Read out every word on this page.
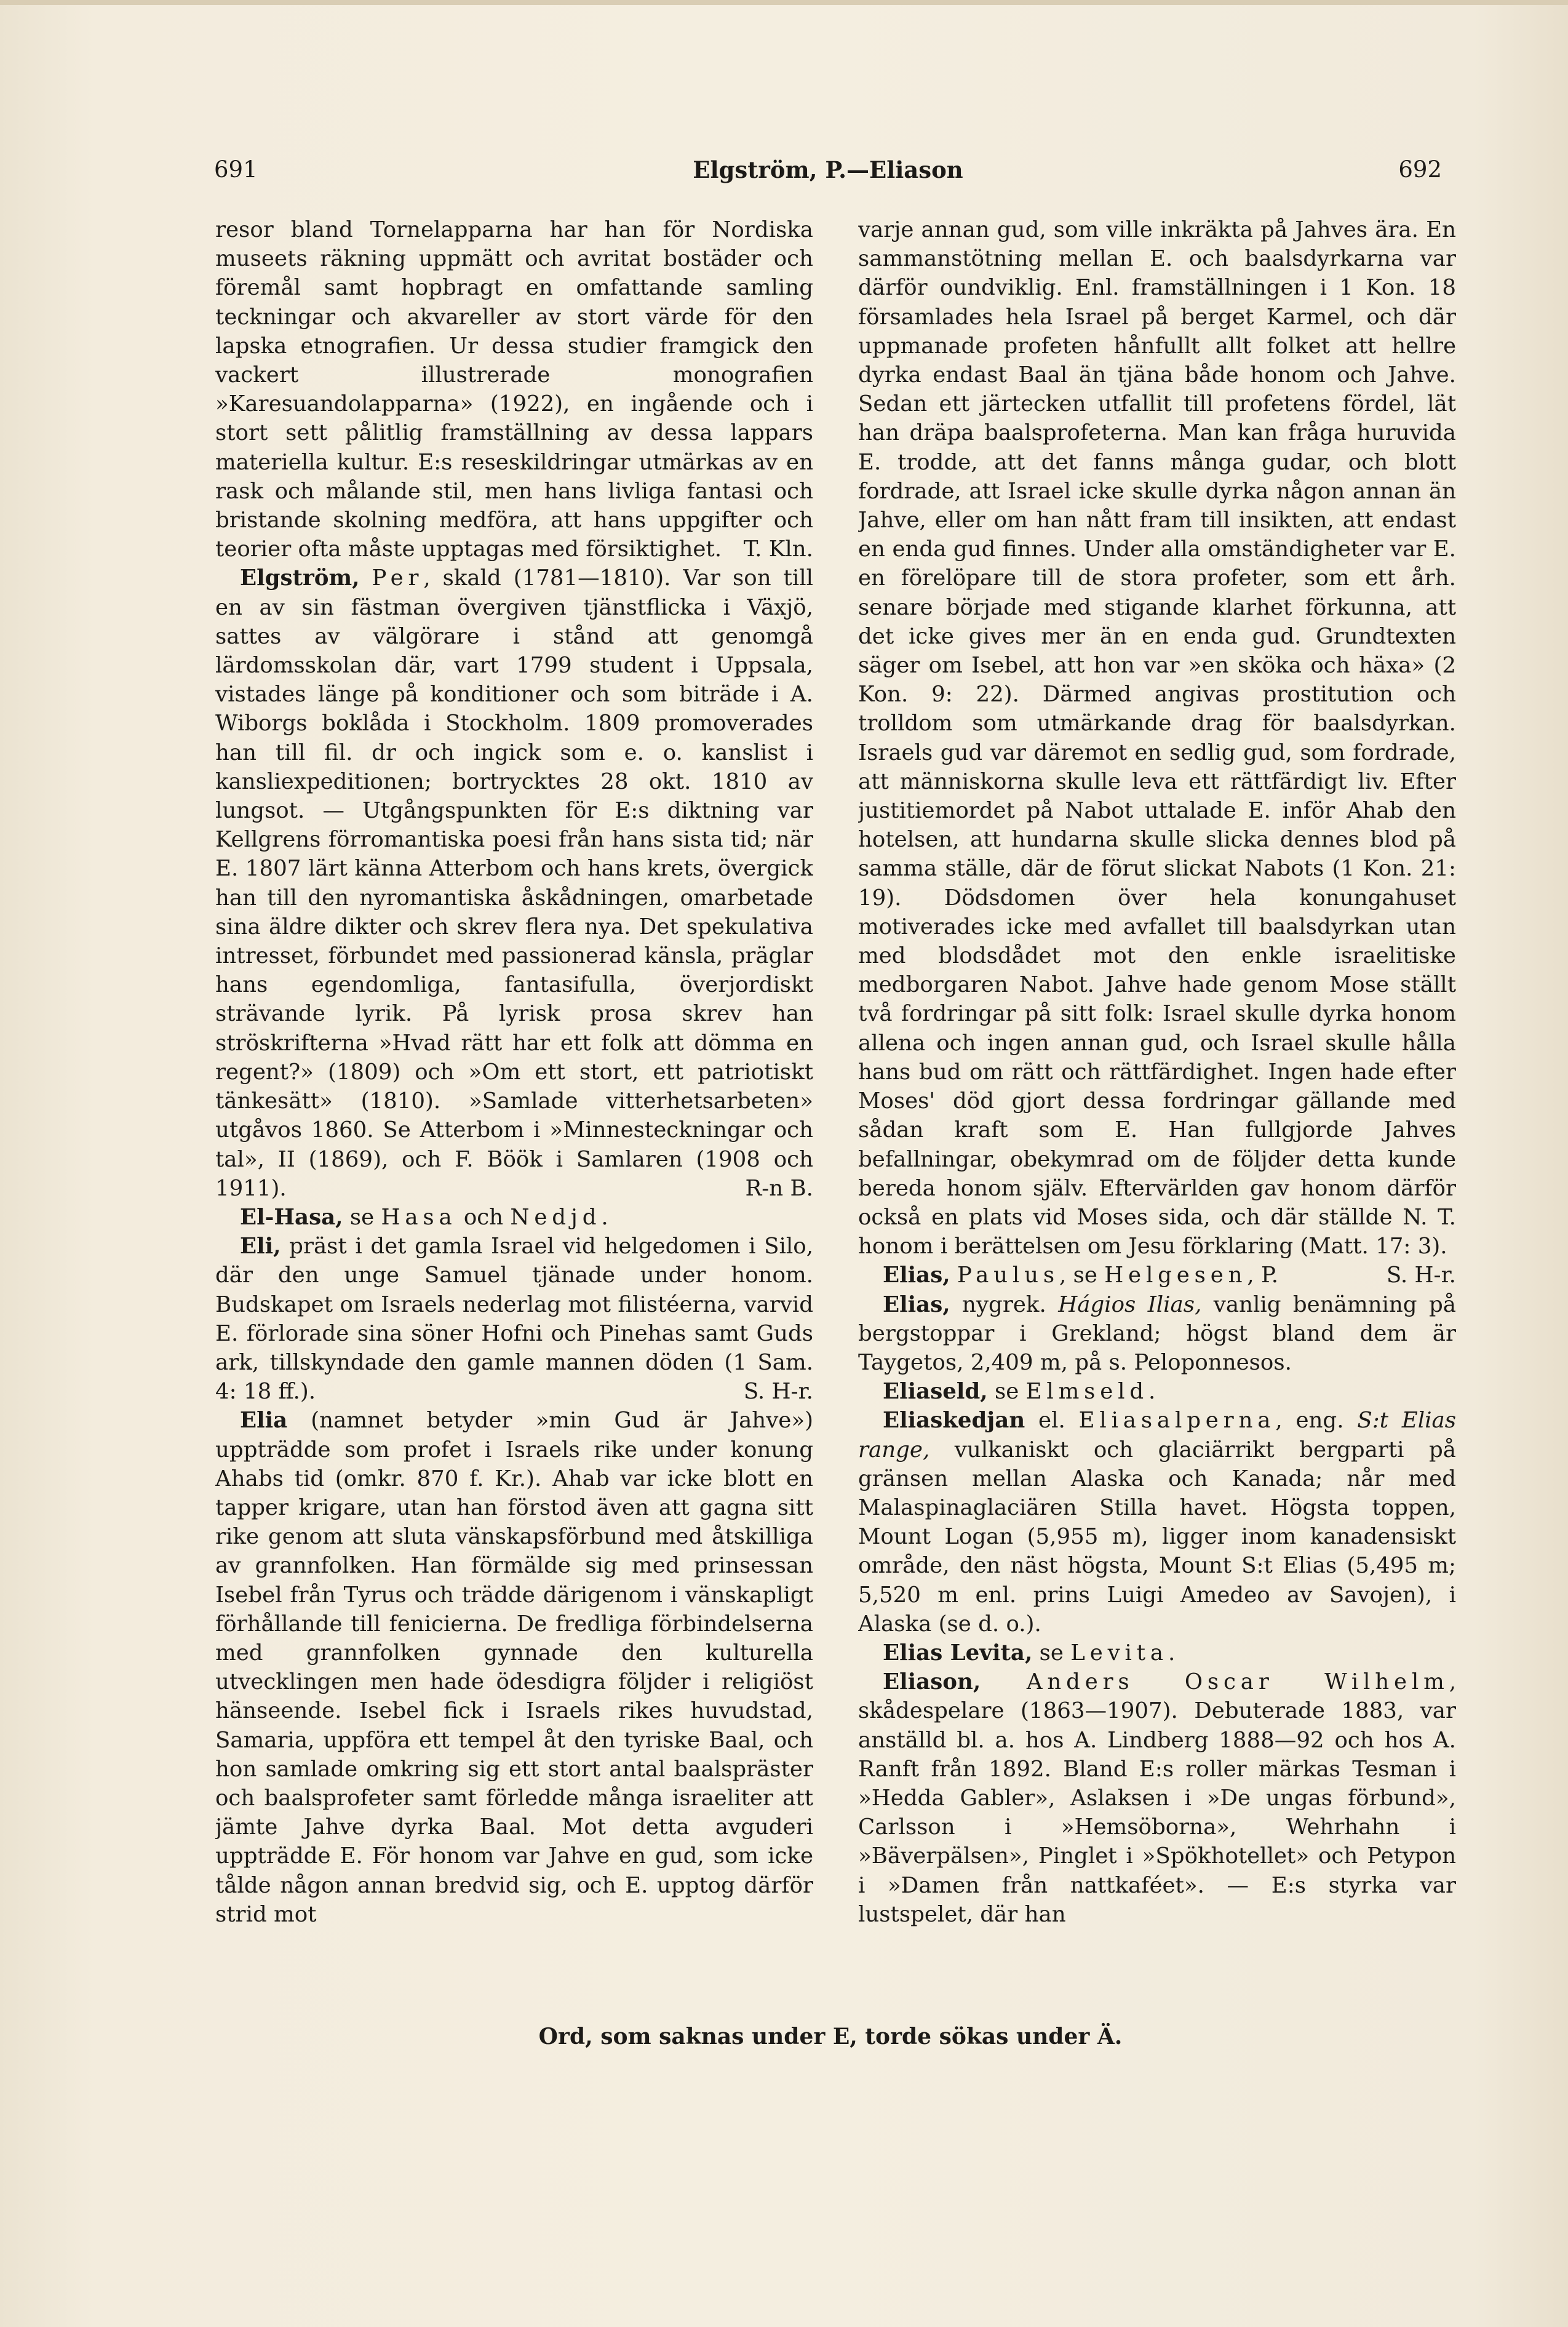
691	Elgström, P.—Eliason	692

resor bland Tornelapparna har han för Nordiska museets räkning uppmätt och avritat bostäder och föremål samt hopbragt en omfattande samling teckningar och akvareller av stort värde för den lapska etnografien. Ur dessa studier framgick den vackert illustrerade monografien »Karesuandolapparna» (1922), en ingående och i stort sett pålitlig framställning av dessa lappars materiella kultur. E:s reseskildringar utmärkas av en rask och målande stil, men hans livliga fantasi och bristande skolning medföra, att hans uppgifter och teorier ofta måste upptagas med försiktighet. T. Kln.

Elgström, Per, skald (1781—1810). Var son till en av sin fästman övergiven tjänstflicka i Växjö, sattes av välgörare i stånd att genomgå lärdomsskolan där, vart 1799 student i Uppsala, vistades länge på konditioner och som biträde i A. Wiborgs boklåda i Stockholm. 1809 promoverades han till fil. dr och ingick som e. o. kanslist i kansliexpeditionen; bortrycktes 28 okt. 1810 av lungsot. — Utgångspunkten för E:s diktning var Kellgrens förromantiska poesi från hans sista tid; när E. 1807 lärt känna Atterbom och hans krets, övergick han till den nyromantiska åskådningen, omarbetade sina äldre dikter och skrev flera nya. Det spekulativa intresset, förbundet med passionerad känsla, präglar hans egendomliga, fantasifulla, överjordiskt strävande lyrik. På lyrisk prosa skrev han ströskrifterna »Hvad rätt har ett folk att dömma en regent?» (1809) och »Om ett stort, ett patriotiskt tänkesätt» (1810). »Samlade vitterhetsarbeten» utgåvos 1860. Se Atterbom i »Minnesteckningar och tal», II (1869), och F. Böök i Samlaren (1908 och 1911).	R-n B.

El-Hasa, se Hasa och Nedjd.

Eli, präst i det gamla Israel vid helgedomen i Silo, där den unge Samuel tjänade under honom. Budskapet om Israels nederlag mot filistéerna, varvid E. förlorade sina söner Hofni och Pinehas samt Guds ark, tillskyndade den gamle mannen döden (1 Sam. 4: 18 ff.).	S. H-r.

Elia (namnet betyder »min Gud är Jahve») uppträdde som profet i Israels rike under konung Ahabs tid (omkr. 870 f. Kr.). Ahab var icke blott en tapper krigare, utan han förstod även att gagna sitt rike genom att sluta vänskapsförbund med åtskilliga av grannfolken. Han förmälde sig med prinsessan Isebel från Tyrus och trädde därigenom i vänskapligt förhållande till fenicierna. De fredliga förbindelserna med grannfolken gynnade den kulturella utvecklingen men hade ödesdigra följder i religiöst hänseende. Isebel fick i Israels rikes huvudstad, Samaria, uppföra ett tempel åt den tyriske Baal, och hon samlade omkring sig ett stort antal baalspräster och baalsprofeter samt förledde många israeliter att jämte Jahve dyrka Baal. Mot detta avguderi uppträdde E. För honom var Jahve en gud, som icke tålde någon annan bredvid sig, och E. upptog därför strid mot

varje annan gud, som ville inkräkta på Jahves ära. En sammanstötning mellan E. och baalsdyrkarna var därför oundviklig. Enl. framställningen i 1 Kon. 18 församlades hela Israel på berget Karmel, och där uppmanade profeten hånfullt allt folket att hellre dyrka endast Baal än tjäna både honom och Jahve. Sedan ett järtecken utfallit till profetens fördel, lät han dräpa baalsprofeterna. Man kan fråga huruvida E. trodde, att det fanns många gudar, och blott fordrade, att Israel icke skulle dyrka någon annan än Jahve, eller om han nått fram till insikten, att endast en enda gud finnes. Under alla omständigheter var E. en förelöpare till de stora profeter, som ett årh. senare började med stigande klarhet förkunna, att det icke gives mer än en enda gud. Grundtexten säger om Isebel, att hon var »en sköka och häxa» (2 Kon. 9: 22). Därmed angivas prostitution och trolldom som utmärkande drag för baalsdyrkan. Israels gud var däremot en sedlig gud, som fordrade, att människorna skulle leva ett rättfärdigt liv. Efter justitiemordet på Nabot uttalade E. inför Ahab den hotelsen, att hundarna skulle slicka dennes blod på samma ställe, där de förut slickat Nabots (1 Kon. 21: 19). Dödsdomen över hela konungahuset motiverades icke med avfallet till baalsdyrkan utan med blodsdådet mot den enkle israelitiske medborgaren Nabot. Jahve hade genom Mose ställt två fordringar på sitt folk: Israel skulle dyrka honom allena och ingen annan gud, och Israel skulle hålla hans bud om rätt och rättfärdighet. Ingen hade efter Moses' död gjort dessa fordringar gällande med sådan kraft som E. Han fullgjorde Jahves befallningar, obekymrad om de följder detta kunde bereda honom själv. Eftervärlden gav honom därför också en plats vid Moses sida, och där ställde N. T. honom i berättelsen om Jesu förklaring (Matt. 17: 3).
S. H-r.

Elias, Paulus, se Helgesen, P.

Elias, nygrek. Hágios Ilias, vanlig benämning på bergstoppar i Grekland; högst bland dem är Taygetos, 2,409 m, på s. Peloponnesos.

Eliaseld, se Elmseld.

Eliaskedjan el. Eliasalperna, eng. S:t Elias range, vulkaniskt och glaciärrikt bergparti på gränsen mellan Alaska och Kanada; når med Malaspinaglaciären Stilla havet. Högsta toppen, Mount Logan (5,955 m), ligger inom kanadensiskt område, den näst högsta, Mount S:t Elias (5,495 m; 5,520 m enl. prins Luigi Amedeo av Savojen), i Alaska (se d. o.).

Elias Levita, se Levita.

Eliason, Anders Oscar Wilhelm, skådespelare (1863—1907). Debuterade 1883, var anställd bl. a. hos A. Lindberg 1888—92 och hos A. Ranft från 1892. Bland E:s roller märkas Tesman i »Hedda Gabler», Aslaksen i »De ungas förbund», Carlsson i »Hemsöborna», Wehrhahn i »Bäverpälsen», Pinglet i »Spökhotellet» och Petypon i »Damen från nattkaféet». — E:s styrka var lustspelet, där han

Ord, som saknas under E, torde sökas under Ä.
